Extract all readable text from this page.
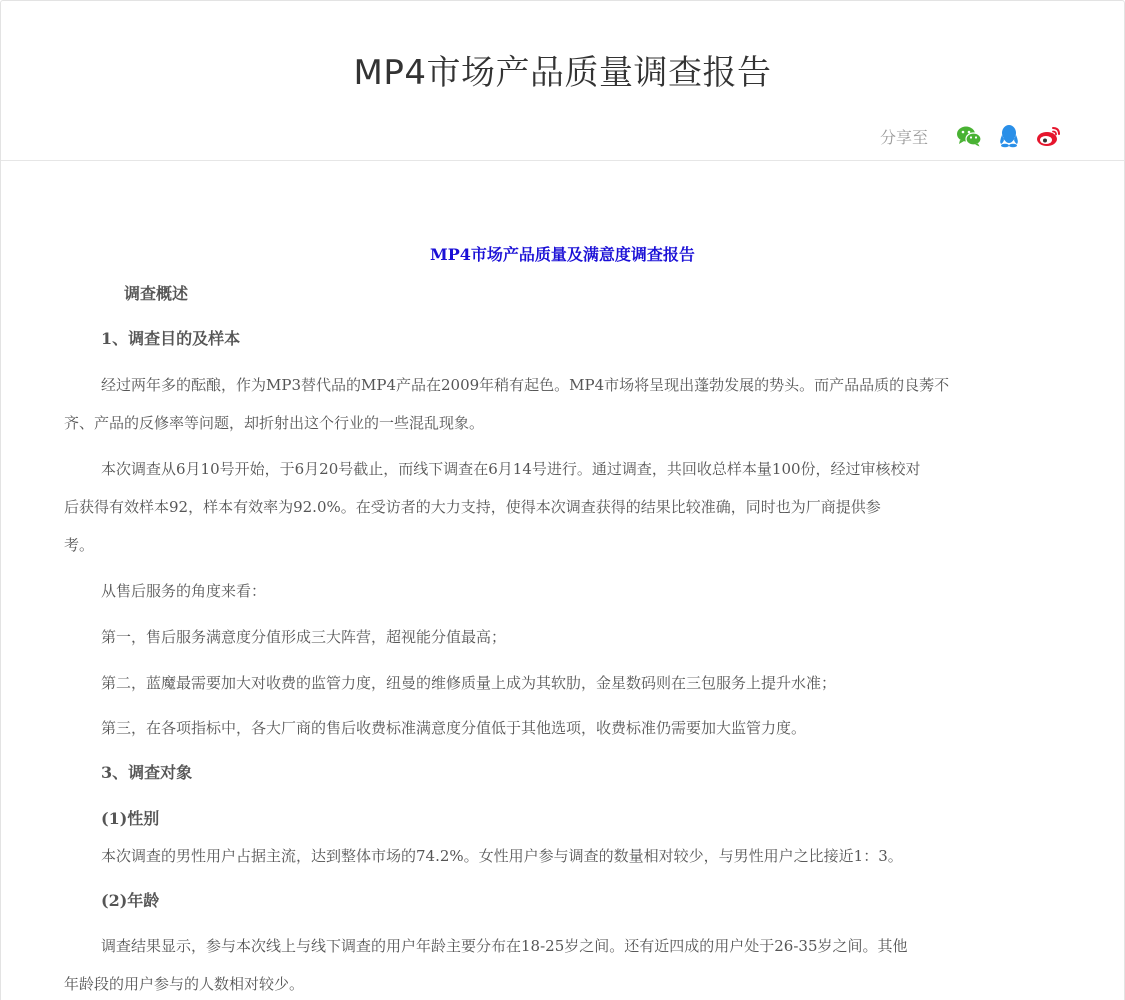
MP4市场产品质量调查报告
分享至
MP4市场产品质量及满意度调查报告
调查概述
1、调查目的及样本
经过两年多的酝酿，作为MP3替代品的MP4产品在2009年稍有起色。MP4市场将呈现出蓬勃发展的势头。而产品品质的良莠不
齐、产品的反修率等问题，却折射出这个行业的一些混乱现象。
本次调查从6月10号开始，于6月20号截止，而线下调查在6月14号进行。通过调查，共回收总样本量100份，经过审核校对
后获得有效样本92，样本有效率为92.0%。在受访者的大力支持，使得本次调查获得的结果比较准确，同时也为厂商提供参
考。
从售后服务的角度来看：
第一，售后服务满意度分值形成三大阵营，超视能分值最高；
第二，蓝魔最需要加大对收费的监管力度，纽曼的维修质量上成为其软肋，金星数码则在三包服务上提升水准；
第三，在各项指标中，各大厂商的售后收费标准满意度分值低于其他选项，收费标准仍需要加大监管力度。
3、调查对象
(1)性别
本次调查的男性用户占据主流，达到整体市场的74.2%。女性用户参与调查的数量相对较少，与男性用户之比接近1：3。
(2)年龄
调查结果显示，参与本次线上与线下调查的用户年龄主要分布在18-25岁之间。还有近四成的用户处于26-35岁之间。其他
年龄段的用户参与的人数相对较少。
